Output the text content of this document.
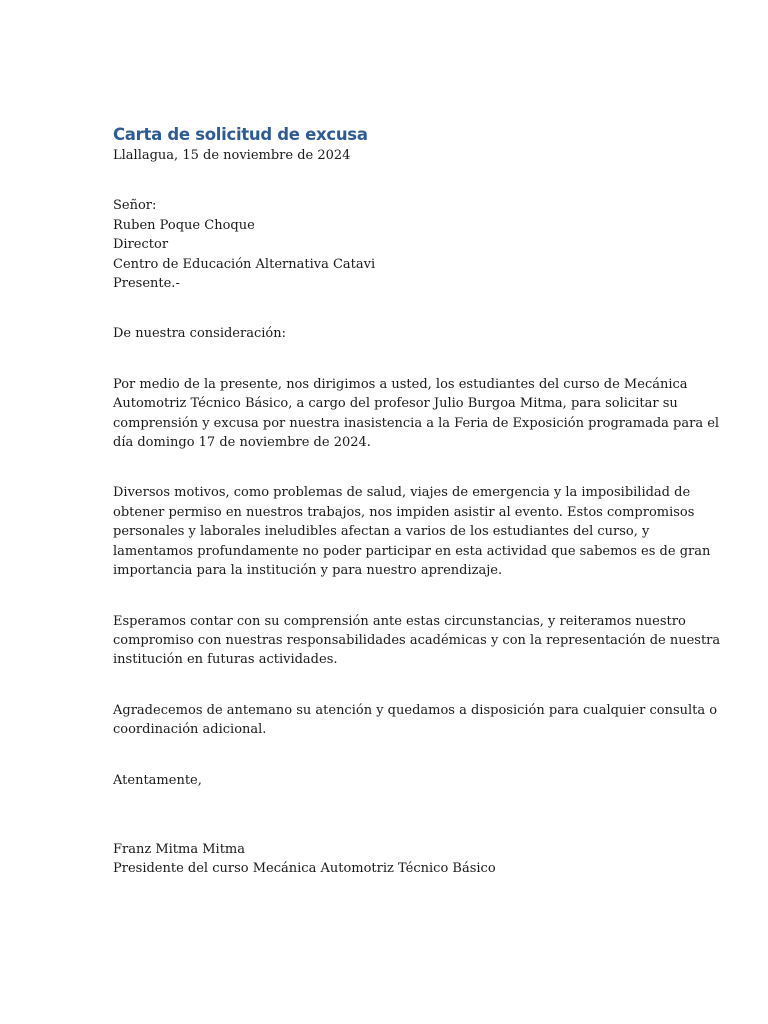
Carta de solicitud de excusa

Llallagua, 15 de noviembre de 2024

Señor:

Ruben Poque Choque

Director

Centro de Educación Alternativa Catavi

Presente.-

De nuestra consideración:

Por medio de la presente, nos dirigimos a usted, los estudiantes del curso de Mecánica
Automotriz Técnico Básico, a cargo del profesor Julio Burgoa Mitma, para solicitar su
comprensión y excusa por nuestra inasistencia a la Feria de Exposición programada para el
día domingo 17 de noviembre de 2024.
Diversos motivos, como problemas de salud, viajes de emergencia y la imposibilidad de
obtener permiso en nuestros trabajos, nos impiden asistir al evento. Estos compromisos
personales y laborales ineludibles afectan a varios de los estudiantes del curso, y
lamentamos profundamente no poder participar en esta actividad que sabemos es de gran
importancia para la institución y para nuestro aprendizaje.
Esperamos contar con su comprensión ante estas circunstancias, y reiteramos nuestro
compromiso con nuestras responsabilidades académicas y con la representación de nuestra
institución en futuras actividades.
Agradecemos de antemano su atención y quedamos a disposición para cualquier consulta o
coordinación adicional.

Atentamente,

Franz Mitma Mitma

Presidente del curso Mecánica Automotriz Técnico Básico
